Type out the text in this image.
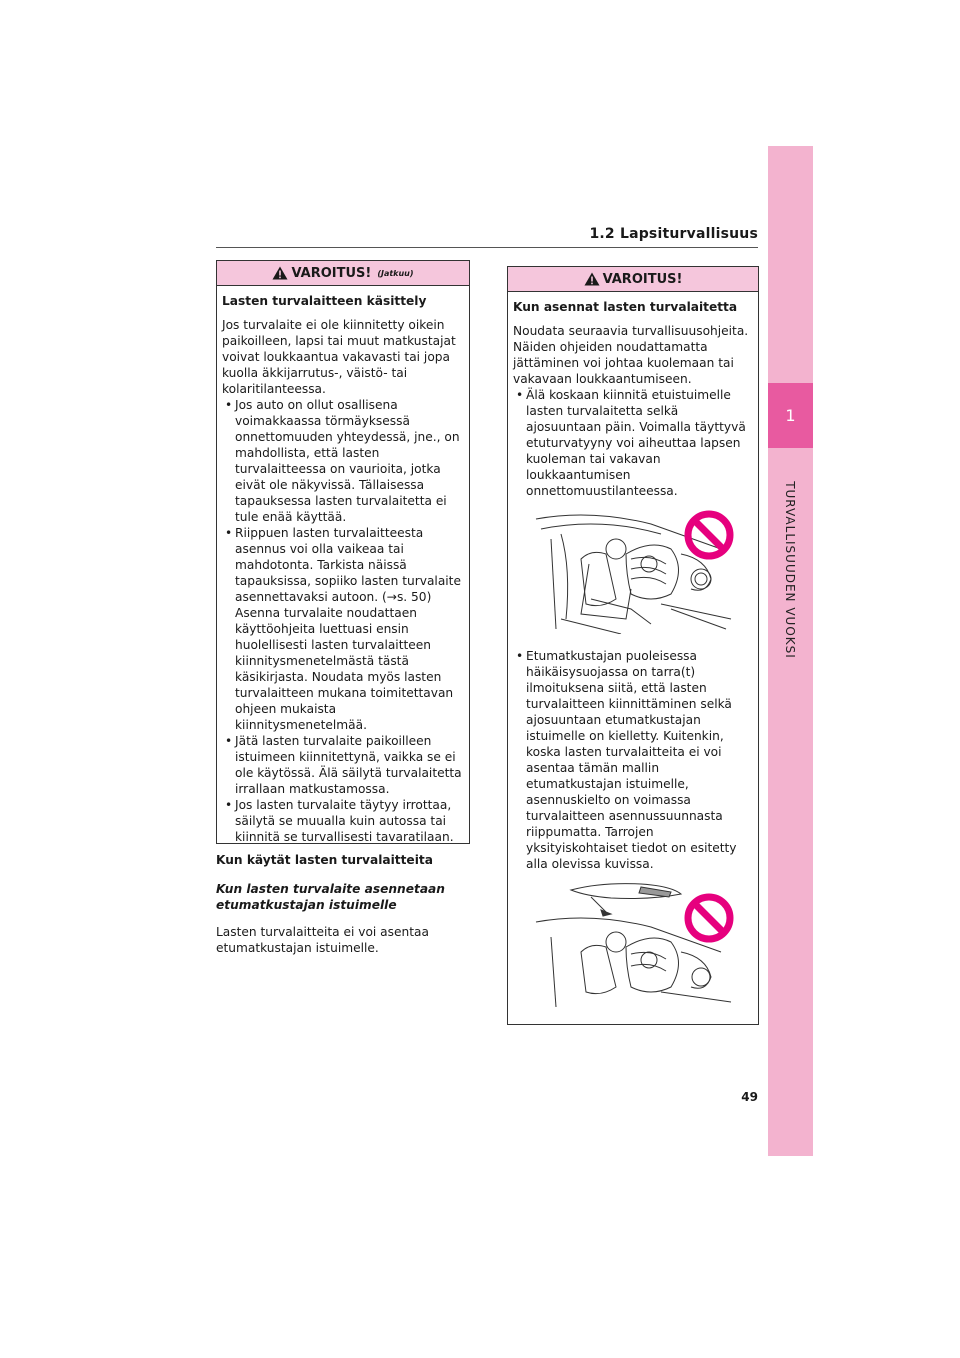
1.2 Lapsiturvallisuus
1
TURVALLISUUDEN VUOKSI
VAROITUS! (Jatkuu)
Lasten turvalaitteen käsittely
Jos turvalaite ei ole kiinnitetty oikein paikoilleen, lapsi tai muut matkustajat voivat loukkaantua vakavasti tai jopa kuolla äkkijarrutus-, väistö- tai kolaritilanteessa.
• Jos auto on ollut osallisena voimakkaassa törmäyksessä onnettomuuden yhteydessä, jne., on mahdollista, että lasten turvalaitteessa on vaurioita, jotka eivät ole näkyvissä. Tällaisessa tapauksessa lasten turvalaitetta ei tule enää käyttää.
• Riippuen lasten turvalaitteesta asennus voi olla vaikeaa tai mahdotonta. Tarkista näissä tapauksissa, sopiiko lasten turvalaite asennettavaksi autoon. (→s. 50) Asenna turvalaite noudattaen käyttöohjeita luettuasi ensin huolellisesti lasten turvalaitteen kiinnitysmenetelmästä tästä käsikirjasta. Noudata myös lasten turvalaitteen mukana toimitettavan ohjeen mukaista kiinnitysmenetelmää.
• Jätä lasten turvalaite paikoilleen istuimeen kiinnitettynä, vaikka se ei ole käytössä. Älä säilytä turvalaitetta irrallaan matkustamossa.
• Jos lasten turvalaite täytyy irrottaa, säilytä se muualla kuin autossa tai kiinnitä se turvallisesti tavaratilaan.
Kun käytät lasten turvalaitteita
Kun lasten turvalaite asennetaan etumatkustajan istuimelle
Lasten turvalaitteita ei voi asentaa etumatkustajan istuimelle.
VAROITUS!
Kun asennat lasten turvalaitetta
Noudata seuraavia turvallisuusohjeita. Näiden ohjeiden noudattamatta jättäminen voi johtaa kuolemaan tai vakavaan loukkaantumiseen.
• Älä koskaan kiinnitä etuistuimelle lasten turvalaitetta selkä ajosuuntaan päin. Voimalla täyttyvä etuturvatyyny voi aiheuttaa lapsen kuoleman tai vakavan loukkaantumisen onnettomuustilanteessa.
• Etumatkustajan puoleisessa häikäisysuojassa on tarra(t) ilmoituksena siitä, että lasten turvalaitteen kiinnittäminen selkä ajosuuntaan etumatkustajan istuimelle on kielletty. Kuitenkin, koska lasten turvalaitteita ei voi asentaa tämän mallin etumatkustajan istuimelle, asennuskielto on voimassa turvalaitteen asennussuunnasta riippumatta. Tarrojen yksityiskohtaiset tiedot on esitetty alla olevissa kuvissa.
49
